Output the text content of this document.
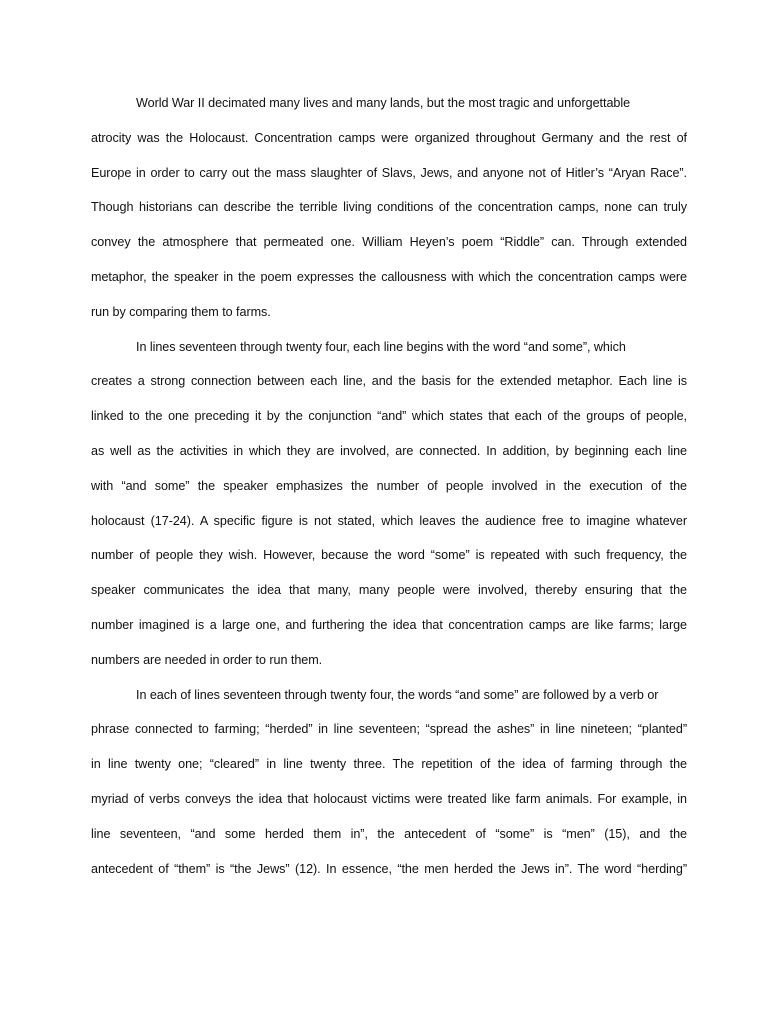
World War II decimated many lives and many lands, but the most tragic and unforgettable
atrocity was the Holocaust. Concentration camps were organized throughout Germany and the rest of
Europe in order to carry out the mass slaughter of Slavs, Jews, and anyone not of Hitler’s “Aryan Race”.
Though historians can describe the terrible living conditions of the concentration camps, none can truly
convey the atmosphere that permeated one. William Heyen’s poem “Riddle” can. Through extended
metaphor, the speaker in the poem expresses the callousness with which the concentration camps were
run by comparing them to farms.
In lines seventeen through twenty four, each line begins with the word “and some”, which
creates a strong connection between each line, and the basis for the extended metaphor. Each line is
linked to the one preceding it by the conjunction “and” which states that each of the groups of people,
as well as the activities in which they are involved, are connected. In addition, by beginning each line
with “and some” the speaker emphasizes the number of people involved in the execution of the
holocaust (17-24). A specific figure is not stated, which leaves the audience free to imagine whatever
number of people they wish. However, because the word “some” is repeated with such frequency, the
speaker communicates the idea that many, many people were involved, thereby ensuring that the
number imagined is a large one, and furthering the idea that concentration camps are like farms; large
numbers are needed in order to run them.
In each of lines seventeen through twenty four, the words “and some” are followed by a verb or
phrase connected to farming; “herded” in line seventeen; “spread the ashes” in line nineteen; “planted”
in line twenty one; “cleared” in line twenty three. The repetition of the idea of farming through the
myriad of verbs conveys the idea that holocaust victims were treated like farm animals. For example, in
line seventeen, “and some herded them in”, the antecedent of “some” is “men” (15), and the
antecedent of “them” is “the Jews” (12). In essence, “the men herded the Jews in”. The word “herding”
